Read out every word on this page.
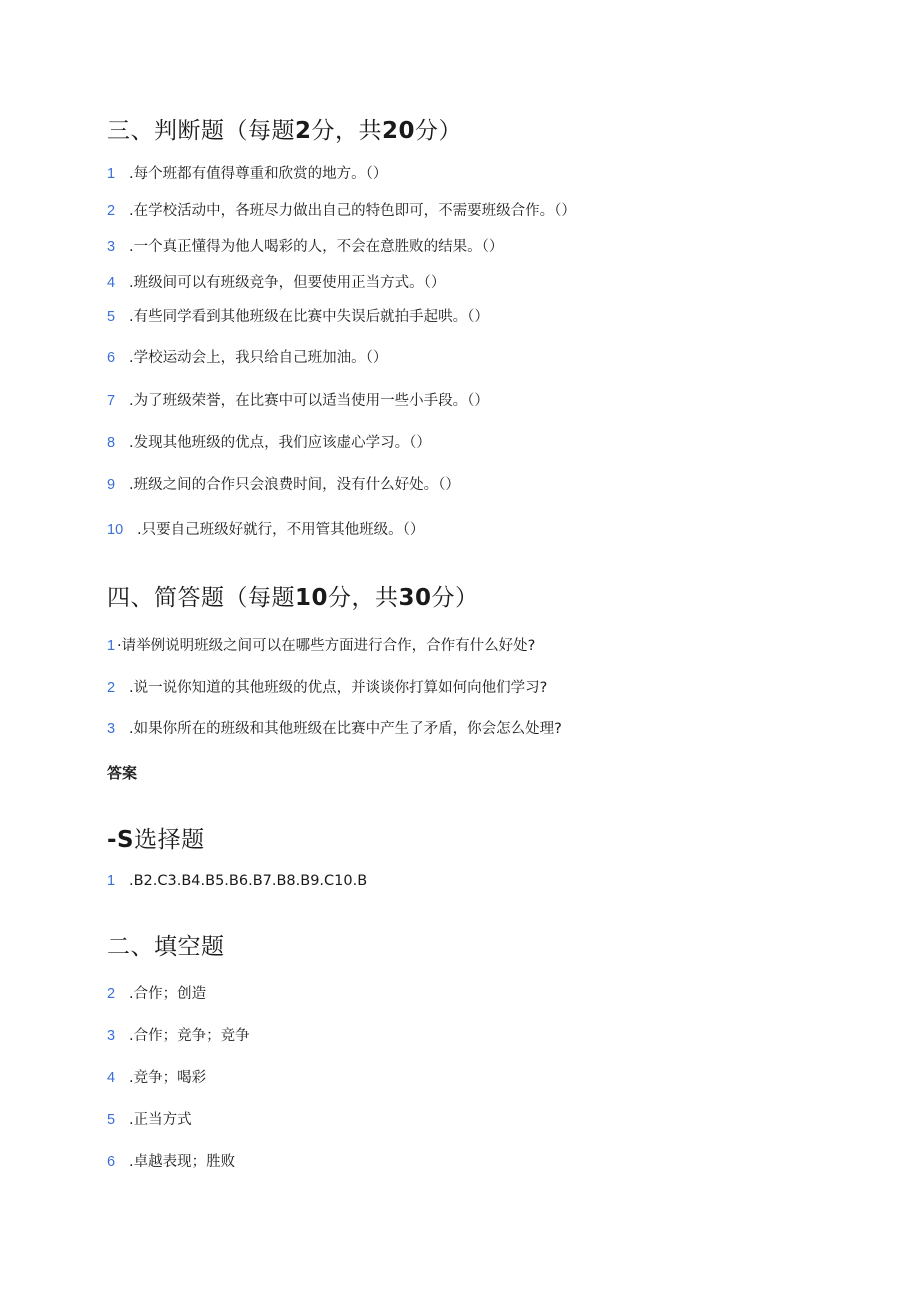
三、判断题（每题2分，共20分）
1 .每个班都有值得尊重和欣赏的地方。（）
2 .在学校活动中，各班尽力做出自己的特色即可，不需要班级合作。（）
3 .一个真正懂得为他人喝彩的人，不会在意胜败的结果。（）
4 .班级间可以有班级竞争，但要使用正当方式。（）
5 .有些同学看到其他班级在比赛中失误后就拍手起哄。（）
6 .学校运动会上，我只给自己班加油。（）
7 .为了班级荣誉，在比赛中可以适当使用一些小手段。（）
8 .发现其他班级的优点，我们应该虚心学习。（）
9 .班级之间的合作只会浪费时间，没有什么好处。（）
10 .只要自己班级好就行，不用管其他班级。（）
四、简答题（每题10分，共30分）
1 ·请举例说明班级之间可以在哪些方面进行合作，合作有什么好处?
2 .说一说你知道的其他班级的优点，并谈谈你打算如何向他们学习?
3 .如果你所在的班级和其他班级在比赛中产生了矛盾，你会怎么处理?
答案
-S选择题
1 .B2.C3.B4.B5.B6.B7.B8.B9.C10.B
二、填空题
2 .合作；创造
3 .合作；竞争；竞争
4 .竞争；喝彩
5 .正当方式
6 .卓越表现；胜败
